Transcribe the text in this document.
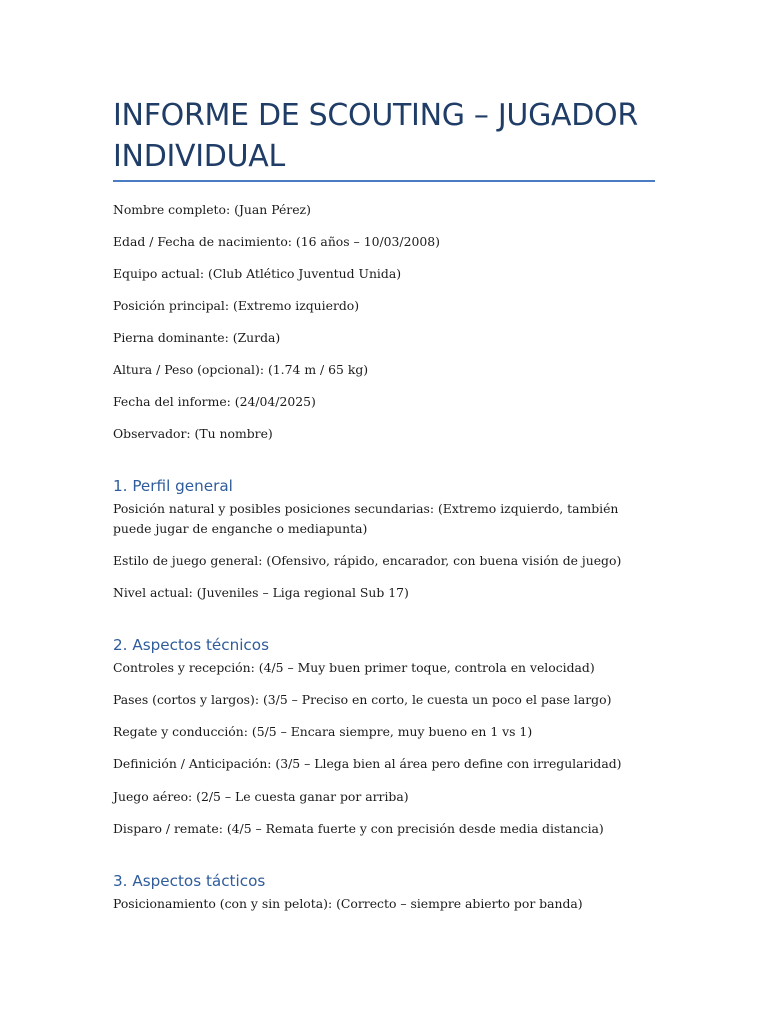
INFORME DE SCOUTING – JUGADOR INDIVIDUAL
Nombre completo: (Juan Pérez)
Edad / Fecha de nacimiento: (16 años – 10/03/2008)
Equipo actual: (Club Atlético Juventud Unida)
Posición principal: (Extremo izquierdo)
Pierna dominante: (Zurda)
Altura / Peso (opcional): (1.74 m / 65 kg)
Fecha del informe: (24/04/2025)
Observador: (Tu nombre)
1. Perfil general
Posición natural y posibles posiciones secundarias: (Extremo izquierdo, también puede jugar de enganche o mediapunta)
Estilo de juego general: (Ofensivo, rápido, encarador, con buena visión de juego)
Nivel actual: (Juveniles – Liga regional Sub 17)
2. Aspectos técnicos
Controles y recepción: (4/5 – Muy buen primer toque, controla en velocidad)
Pases (cortos y largos): (3/5 – Preciso en corto, le cuesta un poco el pase largo)
Regate y conducción: (5/5 – Encara siempre, muy bueno en 1 vs 1)
Definición / Anticipación: (3/5 – Llega bien al área pero define con irregularidad)
Juego aéreo: (2/5 – Le cuesta ganar por arriba)
Disparo / remate: (4/5 – Remata fuerte y con precisión desde media distancia)
3. Aspectos tácticos
Posicionamiento (con y sin pelota): (Correcto – siempre abierto por banda)
